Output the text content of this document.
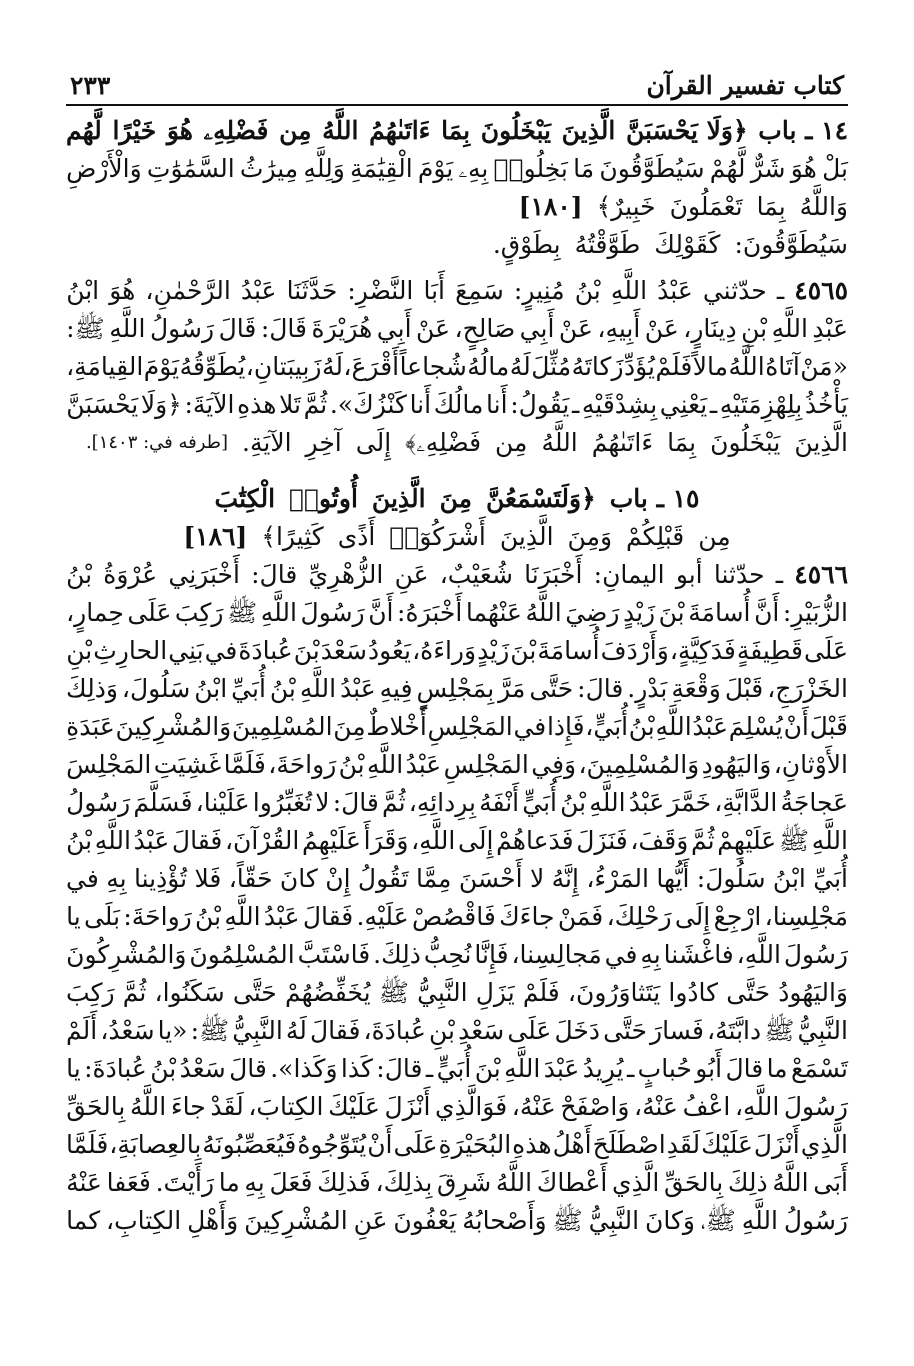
كتاب تفسير القرآن
٢٣٣
١٤ ـ باب
﴿وَلَا يَحْسَبَنَّ
الَّذِينَ
يَبْخَلُونَ
بِمَا
ءَاتَىٰهُمُ
اللَّهُ
مِن
فَضْلِهِۦ
هُوَ
خَيْرًا
لَّهُم
بَلْ
هُوَ
شَرٌّ
لَّهُمْ
سَيُطَوَّقُونَ
مَا
بَخِلُوا۟
بِهِۦ
يَوْمَ
الْقِيَٰمَةِ
وَلِلَّهِ
مِيرَٰثُ
السَّمَٰوَٰتِ
وَالْأَرْضِ
وَاللَّهُ
بِمَا
تَعْمَلُونَ
خَبِيرٌ﴾
[١٨٠]
سَيُطَوَّقُونَ:
كَقَوْلِكَ
طَوَّقْتُهُ
بِطَوْقٍ.
٤٥٦٥
ـ
حدّثني
عَبْدُ
اللَّهِ
بْنُ
مُنِيرٍ:
سَمِعَ
أَبَا
النَّضْرِ:
حَدَّثَنَا
عَبْدُ
الرَّحْمٰنِ،
هُوَ
ابْنُ
عَبْدِ
اللَّهِ
بْنِ
دِينَارٍ،
عَنْ
أَبِيهِ،
عَنْ
أَبِي
صَالِحٍ،
عَنْ
أَبِي
هُرَيْرَةَ
قَالَ:
قَالَ
رَسُولُ
اللَّهِ
ﷺ:
«مَنْ
آتَاهُ
اللَّهُ
مالاً
فَلَمْ
يُؤَدِّ
زَكاتَهُ
مُثِّلَ
لَهُ
مالُهُ
شُجاعاً
أَقْرَعَ،
لَهُ
زَبِيبَتانِ،
يُطَوِّقُهُ
يَوْمَ
القِيامَةِ،
يَأْخُذُ
بِلِهْزِمَتَيْهِ
ـ
يَعْنِي
بِشِدْقَيْهِ
ـ
يَقُولُ:
أَنا
مالُكَ
أَنا
كَنْزُكَ».
ثُمَّ
تَلا
هذهِ
الآيَةَ:
﴿وَلَا
يَحْسَبَنَّ
الَّذِينَ
يَبْخَلُونَ
بِمَا
ءَاتَىٰهُمُ
اللَّهُ
مِن
فَضْلِهِۦ﴾
إِلَى
آخِرِ
الآيَةِ.
[طرفه في: ١٤٠٣].
١٥ ـ باب
﴿وَلَتَسْمَعُنَّ
مِنَ
الَّذِينَ
أُوتُوا۟
الْكِتَٰبَ
مِن
قَبْلِكُمْ
وَمِنَ
الَّذِينَ
أَشْرَكُوٓا۟
أَذًى
كَثِيرًا﴾
[١٨٦]
٤٥٦٦
ـ
حدّثنا
أبو
اليمانِ:
أَخْبَرَنَا
شُعَيْبٌ،
عَنِ
الزُّهْرِيِّ
قالَ:
أَخْبَرَنِي
عُرْوَةُ
بْنُ
الزُّبَيْرِ:
أَنَّ
أُسامَةَ
بْنَ
زَيْدٍ
رَضِيَ
اللَّهُ
عَنْهُما
أَخْبَرَهُ:
أَنَّ
رَسُولَ
اللَّهِ
ﷺ
رَكِبَ
عَلَى
حِمارٍ،
عَلَى
قَطِيفَةٍ
فَدَكِيَّةٍ،
وَأَرْدَفَ
أُسامَةَ
بْنَ
زَيْدٍ
وَراءَهُ،
يَعُودُ
سَعْدَ
بْنَ
عُبادَةَ
في
بَنِي
الحارِثِ
بْنِ
الخَزْرَجِ،
قَبْلَ
وَقْعَةِ
بَدْرٍ.
قالَ:
حَتَّى
مَرَّ
بِمَجْلِسٍ
فِيهِ
عَبْدُ
اللَّهِ
بْنُ
أُبَيِّ
ابْنُ
سَلُولَ،
وَذلِكَ
قَبْلَ
أَنْ
يُسْلِمَ
عَبْدُ
اللَّهِ
بْنُ
أُبَيٍّ،
فَإِذا
في
المَجْلِسِ
أَخْلاطٌ
مِنَ
المُسْلِمِينَ
وَالمُشْرِكِينَ
عَبَدَةِ
الأَوْثانِ،
وَاليَهُودِ
وَالمُسْلِمِينَ،
وَفِي
المَجْلِسِ
عَبْدُ
اللَّهِ
بْنُ
رَواحَةَ،
فَلَمَّا
غَشِيَتِ
المَجْلِسَ
عَجاجَةُ
الدَّابَّةِ،
خَمَّرَ
عَبْدُ
اللَّهِ
بْنُ
أُبَيٍّ
أَنْفَهُ
بِرِدائِهِ،
ثُمَّ
قالَ:
لا
تُغَبِّرُوا
عَلَيْنا،
فَسَلَّمَ
رَسُولُ
اللَّهِ
ﷺ
عَلَيْهِمْ
ثُمَّ
وَقَفَ،
فَنَزَلَ
فَدَعاهُمْ
إِلَى
اللَّهِ،
وَقَرَأَ
عَلَيْهِمُ
القُرْآنَ،
فَقالَ
عَبْدُ
اللَّهِ
بْنُ
أُبَيِّ
ابْنُ
سَلُولَ:
أَيُّها
المَرْءُ،
إِنَّهُ
لا
أَحْسَنَ
مِمَّا
تَقُولُ
إِنْ
كانَ
حَقّاً،
فَلا
تُؤْذِينا
بِهِ
في
مَجْلِسِنا،
ارْجِعْ
إِلَى
رَحْلِكَ،
فَمَنْ
جاءَكَ
فَاقْصُصْ
عَلَيْهِ.
فَقالَ
عَبْدُ
اللَّهِ
بْنُ
رَواحَةَ:
بَلَى
يا
رَسُولَ
اللَّهِ،
فاغْشَنا
بِهِ
في
مَجالِسِنا،
فَإِنَّا
نُحِبُّ
ذلِكَ.
فَاسْتَبَّ
المُسْلِمُونَ
وَالمُشْرِكُونَ
وَاليَهُودُ
حَتَّى
كادُوا
يَتَثاوَرُونَ،
فَلَمْ
يَزَلِ
النَّبِيُّ
ﷺ
يُخَفِّضُهُمْ
حَتَّى
سَكَنُوا،
ثُمَّ
رَكِبَ
النَّبِيُّ
ﷺ
دابَّتَهُ،
فَسارَ
حَتَّى
دَخَلَ
عَلَى
سَعْدِ
بْنِ
عُبادَةَ،
فَقالَ
لَهُ
النَّبِيُّ
ﷺ:
«يا
سَعْدُ،
أَلَمْ
تَسْمَعْ
ما
قالَ
أَبُو
حُبابٍ
ـ
يُرِيدُ
عَبْدَ
اللَّهِ
بْنَ
أُبَيٍّ
ـ
قالَ:
كَذا
وَكَذا».
قالَ
سَعْدُ
بْنُ
عُبادَةَ:
يا
رَسُولَ
اللَّهِ،
اعْفُ
عَنْهُ،
وَاصْفَحْ
عَنْهُ،
فَوَالَّذِي
أَنْزَلَ
عَلَيْكَ
الكِتابَ،
لَقَدْ
جاءَ
اللَّهُ
بِالحَقِّ
الَّذِي
أَنْزَلَ
عَلَيْكَ
لَقَدِ
اصْطَلَحَ
أَهْلُ
هذهِ
البُحَيْرَةِ
عَلَى
أَنْ
يُتَوِّجُوهُ
فَيُعَصِّبُونَهُ
بِالعِصابَةِ،
فَلَمَّا
أَبَى
اللَّهُ
ذلِكَ
بِالحَقِّ
الَّذِي
أَعْطاكَ
اللَّهُ
شَرِقَ
بِذلِكَ،
فَذلِكَ
فَعَلَ
بِهِ
ما
رَأَيْتَ.
فَعَفا
عَنْهُ
رَسُولُ
اللَّهِ
ﷺ،
وَكانَ
النَّبِيُّ
ﷺ
وَأَصْحابُهُ
يَعْفُونَ
عَنِ
المُشْرِكِينَ
وَأَهْلِ
الكِتابِ،
كما
